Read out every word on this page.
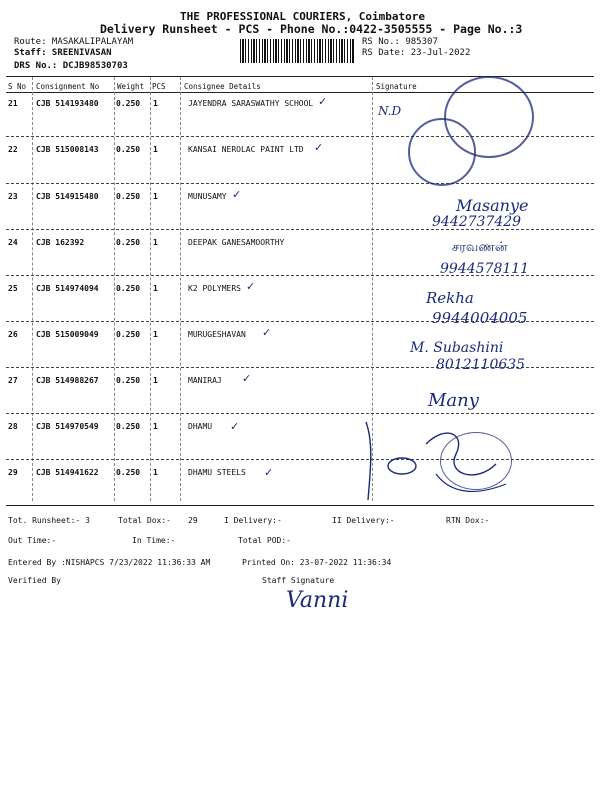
THE PROFESSIONAL COURIERS, Coimbatore
Delivery Runsheet - PCS - Phone No.:0422-3505555 - Page No.:3
Route: MASAKALIPALAYAM
Staff: SREENIVASAN
DRS No.: DCJB98530703
RS No.: 985307
RS Date: 23-Jul-2022
S No Consignment No Weight PCS Consignee Details	Signature
21 CJB 514193480 0.250 1	JAYENDRA SARASWATHY SCHOOL
22 CJB 515008143 0.250 1	KANSAI NEROLAC PAINT LTD
23 CJB 514915480 0.250 1	MUNUSAMY
24 CJB 162392	0.250 1	DEEPAK GANESAMOORTHY
25 CJB 514974094 0.250 1	K2 POLYMERS
26 CJB 515009049 0.250 1	MURUGESHAVAN
27 CJB 514988267 0.250 1	MANIRAJ
28 CJB 514970549 0.250 1	DHAMU
29 CJB 514941622 0.250 1	DHAMU STEELS
✓
✓
✓
✓
✓
✓
✓
✓
N.D
Masanye
9442737429
சரவணன்
9944578111
Rekha
9944004005
M. Subashini
8012110635
Many
Tot. Runsheet:- 3	Total Dox:- 29	I Delivery:-	II Delivery:-	RTN Dox:-
Out Time:-	In Time:-	Total POD:-
Entered By :NISHAPCS 7/23/2022 11:36:33 AM	Printed On: 23-07-2022 11:36:34
Verified By	Staff Signature
Vanni
